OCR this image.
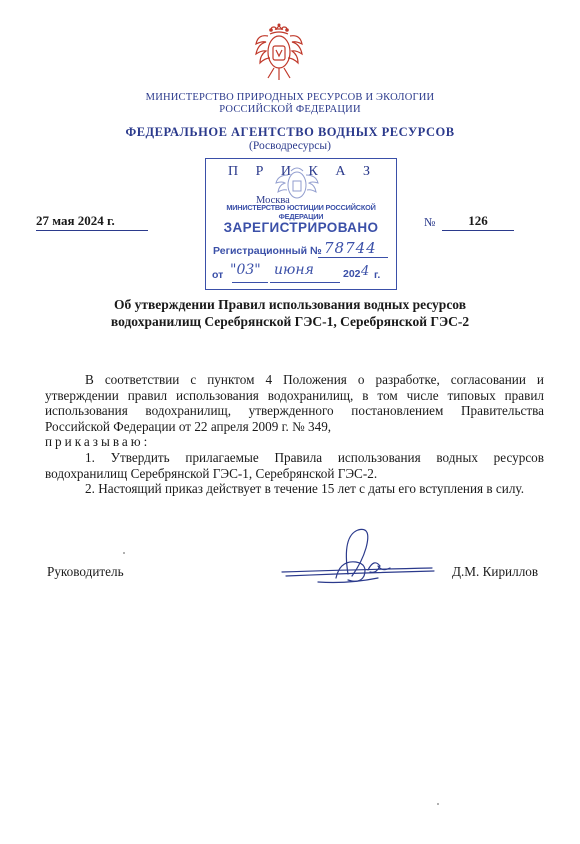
МИНИСТЕРСТВО ПРИРОДНЫХ РЕСУРСОВ И ЭКОЛОГИИ
РОССИЙСКОЙ ФЕДЕРАЦИИ
ФЕДЕРАЛЬНОЕ АГЕНТСТВО ВОДНЫХ РЕСУРСОВ
(Росводресурсы)
П Р И К А З
Москва
27 мая 2024 г.	№	126
МИНИСТЕРСТВО ЮСТИЦИИ РОССИЙСКОЙ ФЕДЕРАЦИИ
ЗАРЕГИСТРИРОВАНО
Регистрационный № 78744
от "03" июня	202 4 г.
Об утверждении Правил использования водных ресурсов
водохранилищ Серебрянской ГЭС-1, Серебрянской ГЭС-2

В соответствии с пунктом 4 Положения о разработке, согласовании и утверждении правил использования водохранилищ, в том числе типовых правил использования водохранилищ, утвержденного постановлением Правительства Российской Федерации от 22 апреля 2009 г. № 349,

приказываю:

1. Утвердить прилагаемые Правила использования водных ресурсов водохранилищ Серебрянской ГЭС-1, Серебрянской ГЭС-2.

2. Настоящий приказ действует в течение 15 лет с даты его вступления в силу.

Руководитель	Д.М. Кириллов
